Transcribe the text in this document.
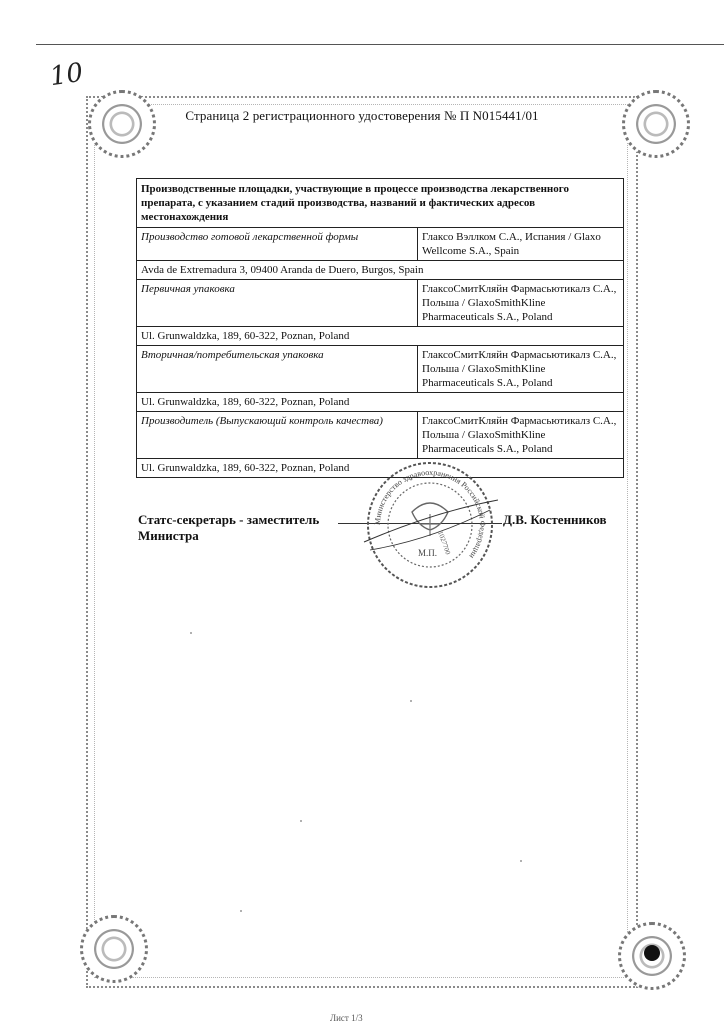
10
Страница 2 регистрационного удостоверения № П N015441/01
Производственные площадки, участвующие в процессе производства лекарственного препарата, с указанием стадий производства, названий и фактических адресов местонахождения
Производство готовой лекарственной формы	Глаксо Вэллком С.А., Испания / Glaxo Wellcome S.A., Spain
Avda de Extremadura 3, 09400 Aranda de Duero, Burgos, Spain
Первичная упаковка	ГлаксоСмитКляйн Фармасьютикалз С.А., Польша / GlaxoSmithKline Pharmaceuticals S.A., Poland
Ul. Grunwaldzka, 189, 60-322, Poznan, Poland
Вторичная/потребительская упаковка	ГлаксоСмитКляйн Фармасьютикалз С.А., Польша / GlaxoSmithKline Pharmaceuticals S.A., Poland
Ul. Grunwaldzka, 189, 60-322, Poznan, Poland
Производитель (Выпускающий контроль качества)	ГлаксоСмитКляйн Фармасьютикалз С.А., Польша / GlaxoSmithKline Pharmaceuticals S.A., Poland
Ul. Grunwaldzka, 189, 60-322, Poznan, Poland
Статс-секретарь - заместитель
Министра
Д.В. Костенников
Министерство здравоохранения Российской Федерации
М.П. 1027700
Лист 1/3
